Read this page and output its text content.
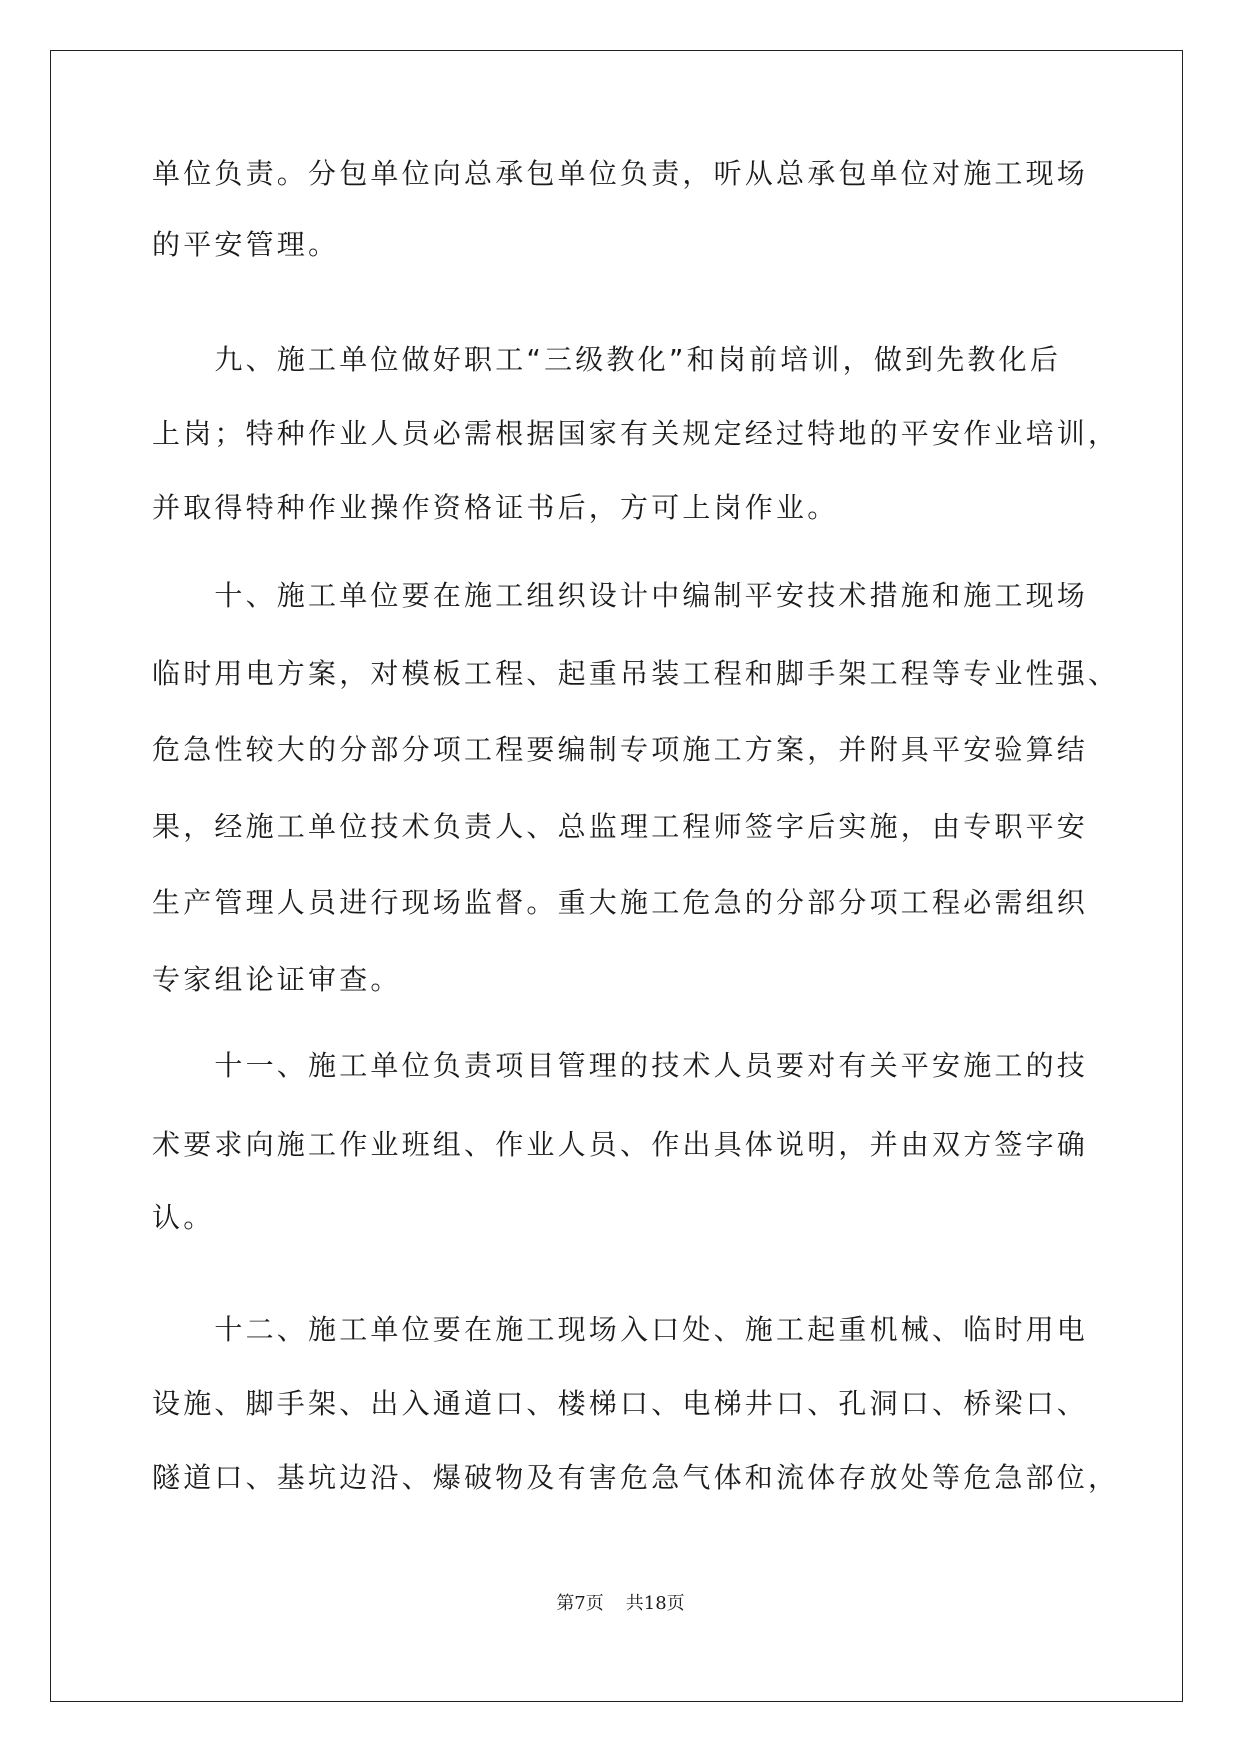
单位负责。分包单位向总承包单位负责，听从总承包单位对施工现场
的平安管理。
　　九、施工单位做好职工“三级教化”和岗前培训，做到先教化后
上岗；特种作业人员必需根据国家有关规定经过特地的平安作业培训，
并取得特种作业操作资格证书后，方可上岗作业。
　　十、施工单位要在施工组织设计中编制平安技术措施和施工现场
临时用电方案，对模板工程、起重吊装工程和脚手架工程等专业性强、
危急性较大的分部分项工程要编制专项施工方案，并附具平安验算结
果，经施工单位技术负责人、总监理工程师签字后实施，由专职平安
生产管理人员进行现场监督。重大施工危急的分部分项工程必需组织
专家组论证审查。
　　十一、施工单位负责项目管理的技术人员要对有关平安施工的技
术要求向施工作业班组、作业人员、作出具体说明，并由双方签字确
认。
　　十二、施工单位要在施工现场入口处、施工起重机械、临时用电
设施、脚手架、出入通道口、楼梯口、电梯井口、孔洞口、桥梁口、
隧道口、基坑边沿、爆破物及有害危急气体和流体存放处等危急部位，
第7页 共18页
